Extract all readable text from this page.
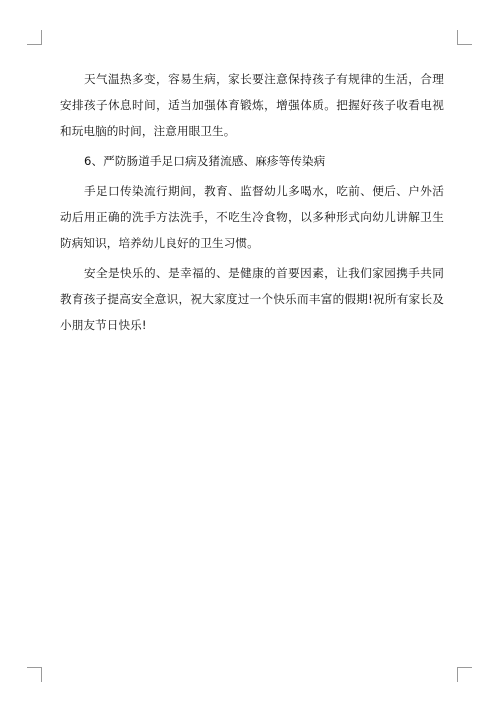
天气温热多变，容易生病，家长要注意保持孩子有规律的生活，合理安排孩子休息时间，适当加强体育锻炼，增强体质。把握好孩子收看电视和玩电脑的时间，注意用眼卫生。

6、严防肠道手足口病及猪流感、麻疹等传染病

手足口传染流行期间，教育、监督幼儿多喝水，吃前、便后、户外活动后用正确的洗手方法洗手，不吃生冷食物，以多种形式向幼儿讲解卫生防病知识，培养幼儿良好的卫生习惯。

安全是快乐的、是幸福的、是健康的首要因素，让我们家园携手共同教育孩子提高安全意识，祝大家度过一个快乐而丰富的假期!祝所有家长及小朋友节日快乐!
